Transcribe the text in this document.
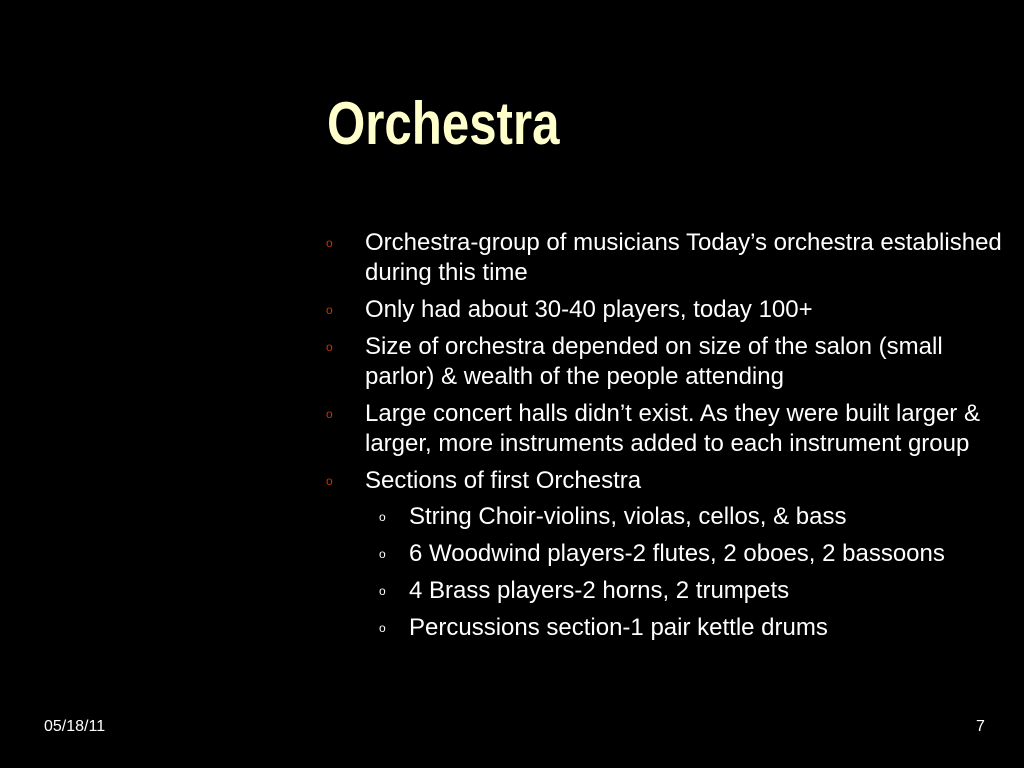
Orchestra
o Orchestra-group of musicians Today’s orchestra established during this time
o Only had about 30-40 players, today 100+
o Size of orchestra depended on size of the salon (small parlor) & wealth of the people attending
o Large concert halls didn’t exist. As they were built larger & larger, more instruments added to each instrument group
o Sections of first Orchestra
o String Choir-violins, violas, cellos, & bass
o 6 Woodwind players-2 flutes, 2 oboes, 2 bassoons
o 4 Brass players-2 horns, 2 trumpets
o Percussions section-1 pair kettle drums
05/18/11	7
